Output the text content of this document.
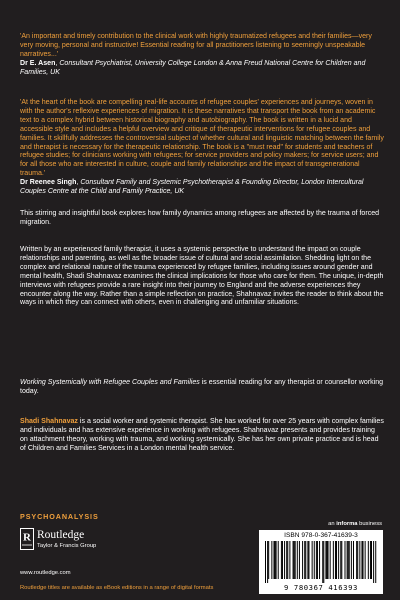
'An important and timely contribution to the clinical work with highly traumatized refugees and their families—very very moving, personal and instructive! Essential reading for all practitioners listening to seemingly unspeakable narratives...'
Dr E. Asen, Consultant Psychiatrist, University College London & Anna Freud National Centre for Children and Families, UK
'At the heart of the book are compelling real-life accounts of refugee couples' experiences and journeys, woven in with the author's reflexive experiences of migration. It is these narratives that transport the book from an academic text to a complex hybrid between historical biography and autobiography. The book is written in a lucid and accessible style and includes a helpful overview and critique of therapeutic interventions for refugee couples and families. It skillfully addresses the controversial subject of whether cultural and linguistic matching between the family and therapist is necessary for the therapeutic relationship. The book is a "must read" for students and teachers of refugee studies; for clinicians working with refugees; for service providers and policy makers; for service users; and for all those who are interested in culture, couple and family relationships and the impact of transgenerational trauma.'
Dr Reenee Singh, Consultant Family and Systemic Psychotherapist & Founding Director, London Intercultural Couples Centre at the Child and Family Practice, UK

This stirring and insightful book explores how family dynamics among refugees are affected by the trauma of forced migration.

Written by an experienced family therapist, it uses a systemic perspective to understand the impact on couple relationships and parenting, as well as the broader issue of cultural and social assimilation. Shedding light on the complex and relational nature of the trauma experienced by refugee families, including issues around gender and mental health, Shadi Shahnavaz examines the clinical implications for those who care for them. The unique, in-depth interviews with refugees provide a rare insight into their journey to England and the adverse experiences they encounter along the way. Rather than a simple reflection on practice, Shahnavaz invites the reader to think about the ways in which they can connect with others, even in challenging and unfamiliar situations.

Working Systemically with Refugee Couples and Families is essential reading for any therapist or counsellor working today.

Shadi Shahnavaz is a social worker and systemic therapist. She has worked for over 25 years with complex families and individuals and has extensive experience in working with refugees. Shahnavaz presents and provides training on attachment theory, working with trauma, and working systemically. She has her own private practice and is head of Children and Families Services in a London mental health service.

PSYCHOANALYSIS
an informa business
R Routledge
Taylor & Francis Group
www.routledge.com
Routledge titles are available as eBook editions in a range of digital formats
ISBN 978-0-367-41639-3
9 780367 416393
